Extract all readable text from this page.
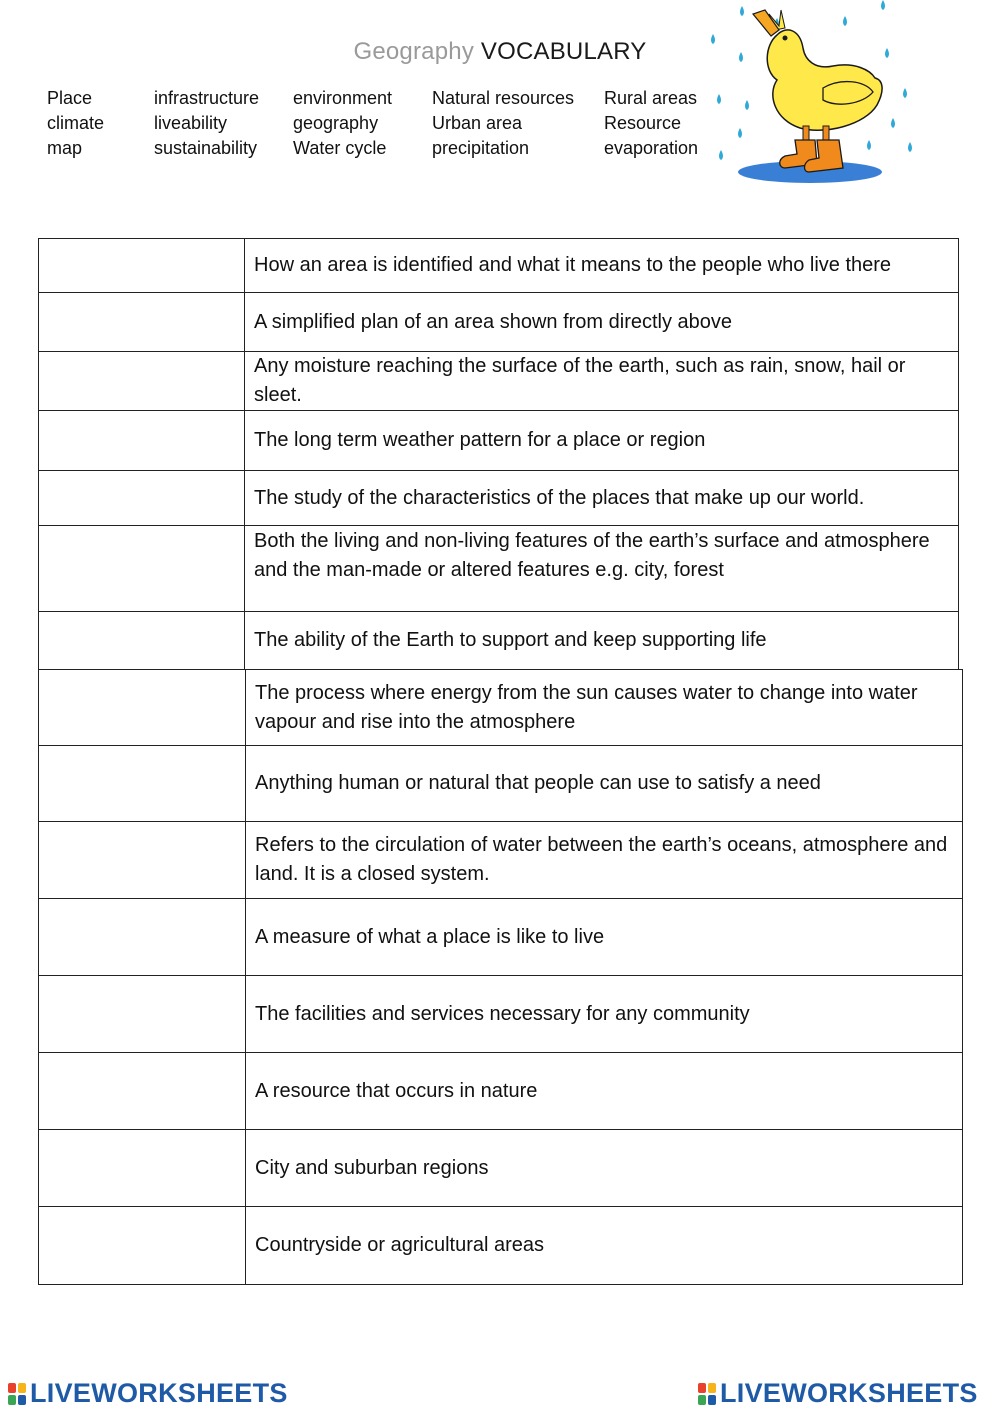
Geography VOCABULARY
Place
climate
map
infrastructure
liveability
sustainability
environment
geography
Water cycle
Natural resources
Urban area
precipitation
Rural areas
Resource
evaporation
How an area is identified and what it means to the people who live there
A simplified plan of an area shown from directly above
Any moisture reaching the surface of the earth, such as rain, snow, hail or sleet.
The long term weather pattern for a place or region
The study of the characteristics of the places that make up our world.
Both the living and non-living features of the earth’s surface and atmosphere and the man-made or altered features e.g. city, forest
The ability of the Earth to support and keep supporting life
The process where energy from the sun causes water to change into water vapour and rise into the atmosphere
Anything human or natural that people can use to satisfy a need
Refers to the circulation of water between the earth’s oceans, atmosphere and land. It is a closed system.
A measure of what a place is like to live
The facilities and services necessary for any community
A resource that occurs in nature
City and suburban regions
Countryside or agricultural areas
LIVEWORKSHEETS	LIVEWORKSHEETS
